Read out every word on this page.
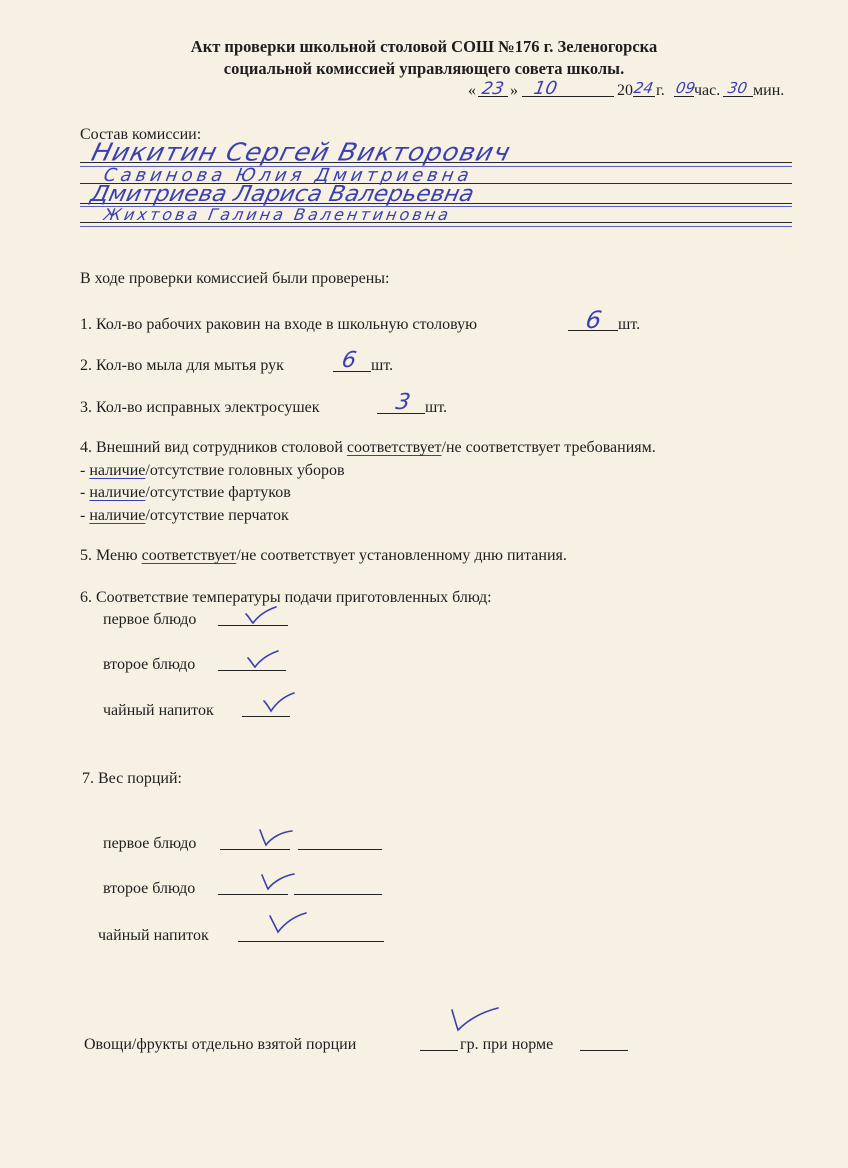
Акт проверки школьной столовой СОШ №176 г. Зеленогорска
социальной комиссией управляющего совета школы.
« 23 » 10	20 24 г. 09
час. 30 мин.
Состав комиссии:
Никитин Сергей Викторович
Савинова Юлия Дмитриевна
Дмитриева Лариса Валерьевна
Жихтова Галина Валентиновна
В ходе проверки комиссией были проверены:
1. Кол-во рабочих раковин на входе в школьную столовую	6 шт.
2. Кол-во мыла для мытья рук	6 шт.
3. Кол-во исправных электросушек	3 шт.
4. Внешний вид сотрудников столовой соответствует/не соответствует требованиям.
- наличие/отсутствие головных уборов
- наличие/отсутствие фартуков
- наличие/отсутствие перчаток
5. Меню соответствует/не соответствует установленному дню питания.
6. Соответствие температуры подачи приготовленных блюд:
первое блюдо
второе блюдо
чайный напиток
7. Вес порций:
первое блюдо
второе блюдо
чайный напиток
Овощи/фрукты отдельно взятой порции	гр. при норме
